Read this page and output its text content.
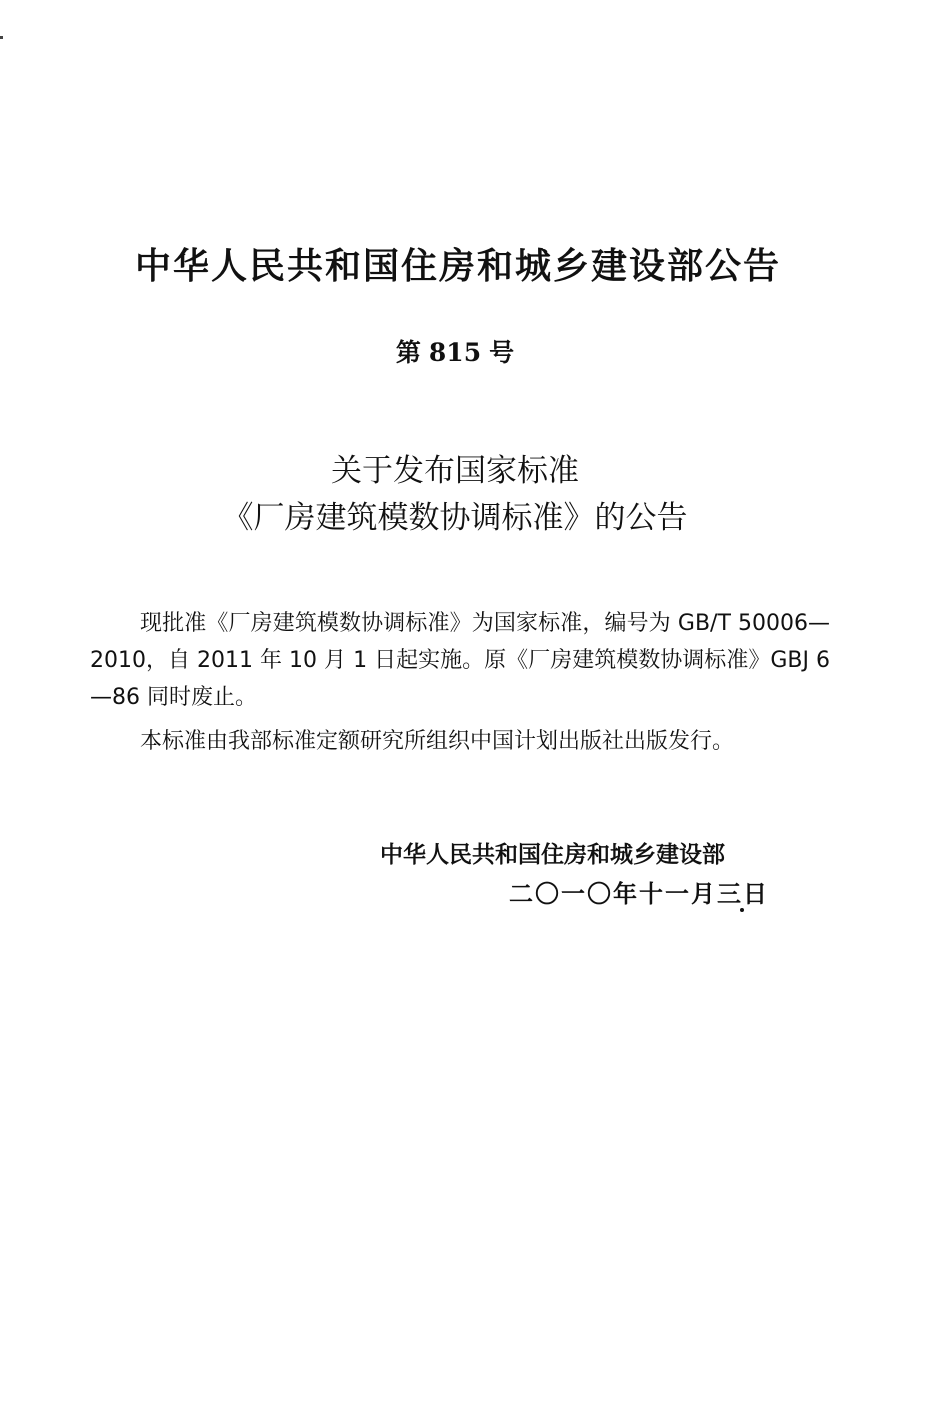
中华人民共和国住房和城乡建设部公告
第 815 号
关于发布国家标准
《厂房建筑模数协调标准》的公告
现批准《厂房建筑模数协调标准》为国家标准，编号为 GB/T 50006—2010，自 2011 年 10 月 1 日起实施。原《厂房建筑模数协调标准》GBJ 6—86 同时废止。
本标准由我部标准定额研究所组织中国计划出版社出版发行。
中华人民共和国住房和城乡建设部
二〇一〇年十一月三日
